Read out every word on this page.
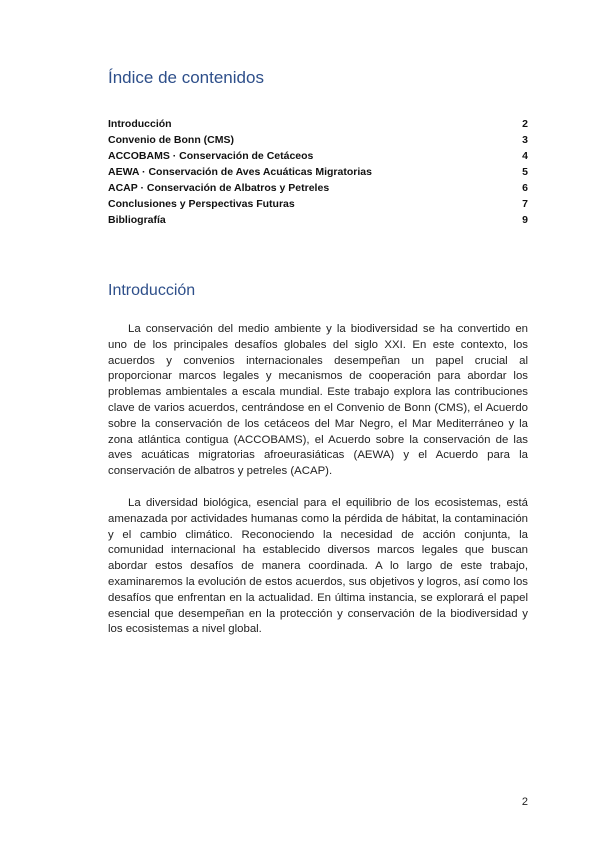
Índice de contenidos
Introducción	2
Convenio de Bonn (CMS)	3
ACCOBAMS · Conservación de Cetáceos	4
AEWA · Conservación de Aves Acuáticas Migratorias	5
ACAP · Conservación de Albatros y Petreles	6
Conclusiones y Perspectivas Futuras	7
Bibliografía	9
Introducción

La conservación del medio ambiente y la biodiversidad se ha convertido en uno de los principales desafíos globales del siglo XXI. En este contexto, los acuerdos y convenios internacionales desempeñan un papel crucial al proporcionar marcos legales y mecanismos de cooperación para abordar los problemas ambientales a escala mundial. Este trabajo explora las contribuciones clave de varios acuerdos, centrándose en el Convenio de Bonn (CMS), el Acuerdo sobre la conservación de los cetáceos del Mar Negro, el Mar Mediterráneo y la zona atlántica contigua (ACCOBAMS), el Acuerdo sobre la conservación de las aves acuáticas migratorias afroeurasiáticas (AEWA) y el Acuerdo para la conservación de albatros y petreles (ACAP).

La diversidad biológica, esencial para el equilibrio de los ecosistemas, está amenazada por actividades humanas como la pérdida de hábitat, la contaminación y el cambio climático. Reconociendo la necesidad de acción conjunta, la comunidad internacional ha establecido diversos marcos legales que buscan abordar estos desafíos de manera coordinada. A lo largo de este trabajo, examinaremos la evolución de estos acuerdos, sus objetivos y logros, así como los desafíos que enfrentan en la actualidad. En última instancia, se explorará el papel esencial que desempeñan en la protección y conservación de la biodiversidad y los ecosistemas a nivel global.

2
